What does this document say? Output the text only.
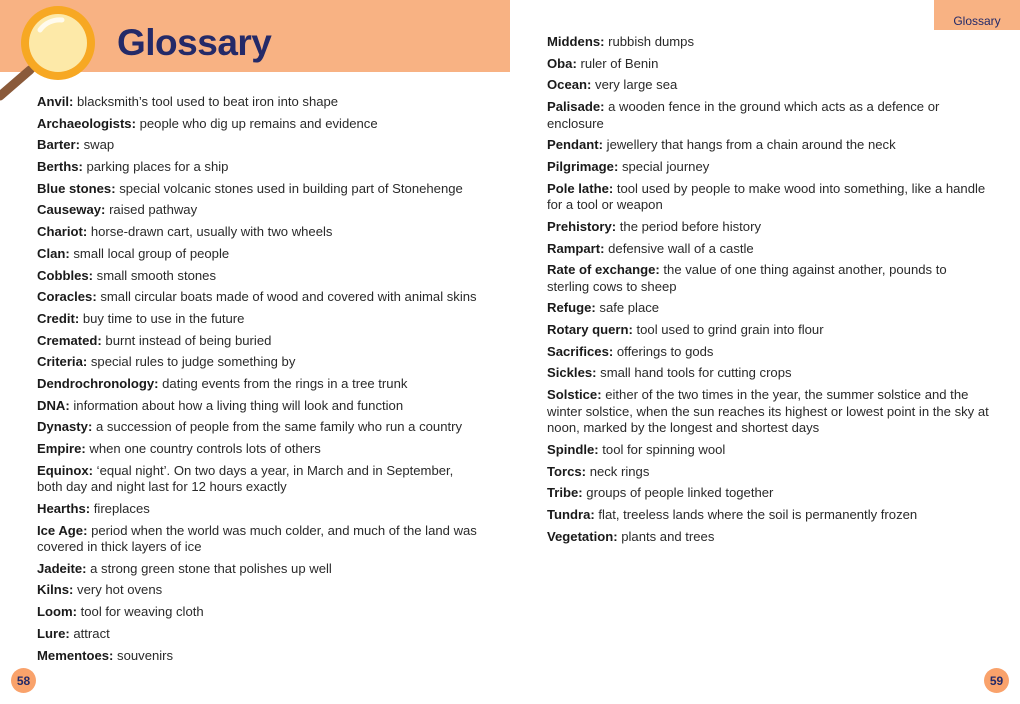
Glossary
Anvil: blacksmith’s tool used to beat iron into shape
Archaeologists: people who dig up remains and evidence
Barter: swap
Berths: parking places for a ship
Blue stones: special volcanic stones used in building part of Stonehenge
Causeway: raised pathway
Chariot: horse-drawn cart, usually with two wheels
Clan: small local group of people
Cobbles: small smooth stones
Coracles: small circular boats made of wood and covered with animal skins
Credit: buy time to use in the future
Cremated: burnt instead of being buried
Criteria: special rules to judge something by
Dendrochronology: dating events from the rings in a tree trunk
DNA: information about how a living thing will look and function
Dynasty: a succession of people from the same family who run a country
Empire: when one country controls lots of others
Equinox: ‘equal night’. On two days a year, in March and in September, both day and night last for 12 hours exactly
Hearths: fireplaces
Ice Age: period when the world was much colder, and much of the land was covered in thick layers of ice
Jadeite: a strong green stone that polishes up well
Kilns: very hot ovens
Loom: tool for weaving cloth
Lure: attract
Mementoes: souvenirs
58
Glossary
Middens: rubbish dumps
Oba: ruler of Benin
Ocean: very large sea
Palisade: a wooden fence in the ground which acts as a defence or enclosure
Pendant: jewellery that hangs from a chain around the neck
Pilgrimage: special journey
Pole lathe: tool used by people to make wood into something, like a handle for a tool or weapon
Prehistory: the period before history
Rampart: defensive wall of a castle
Rate of exchange: the value of one thing against another, pounds to sterling cows to sheep
Refuge: safe place
Rotary quern: tool used to grind grain into flour
Sacrifices: offerings to gods
Sickles: small hand tools for cutting crops
Solstice: either of the two times in the year, the summer solstice and the winter solstice, when the sun reaches its highest or lowest point in the sky at noon, marked by the longest and shortest days
Spindle: tool for spinning wool
Torcs: neck rings
Tribe: groups of people linked together
Tundra: flat, treeless lands where the soil is permanently frozen
Vegetation: plants and trees
59
